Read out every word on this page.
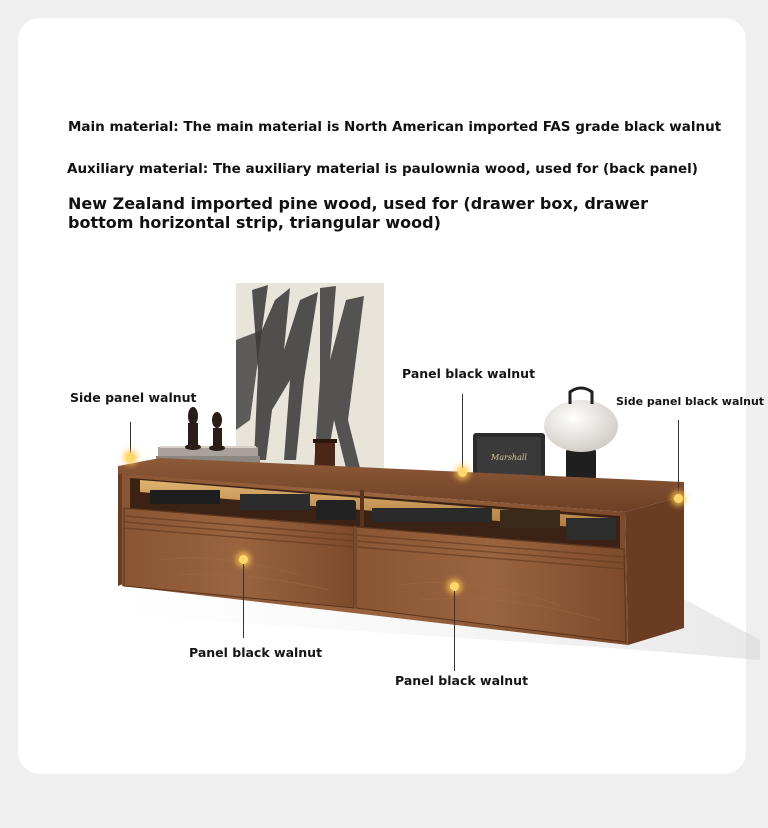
Main material: The main material is North American imported FAS grade black walnut

Auxiliary material: The auxiliary material is paulownia wood, used for (back panel)

New Zealand imported pine wood, used for (drawer box, drawer bottom horizontal strip, triangular wood)

Marshall
Side panel walnut
Panel black walnut
Side panel black walnut
Panel black walnut
Panel black walnut
